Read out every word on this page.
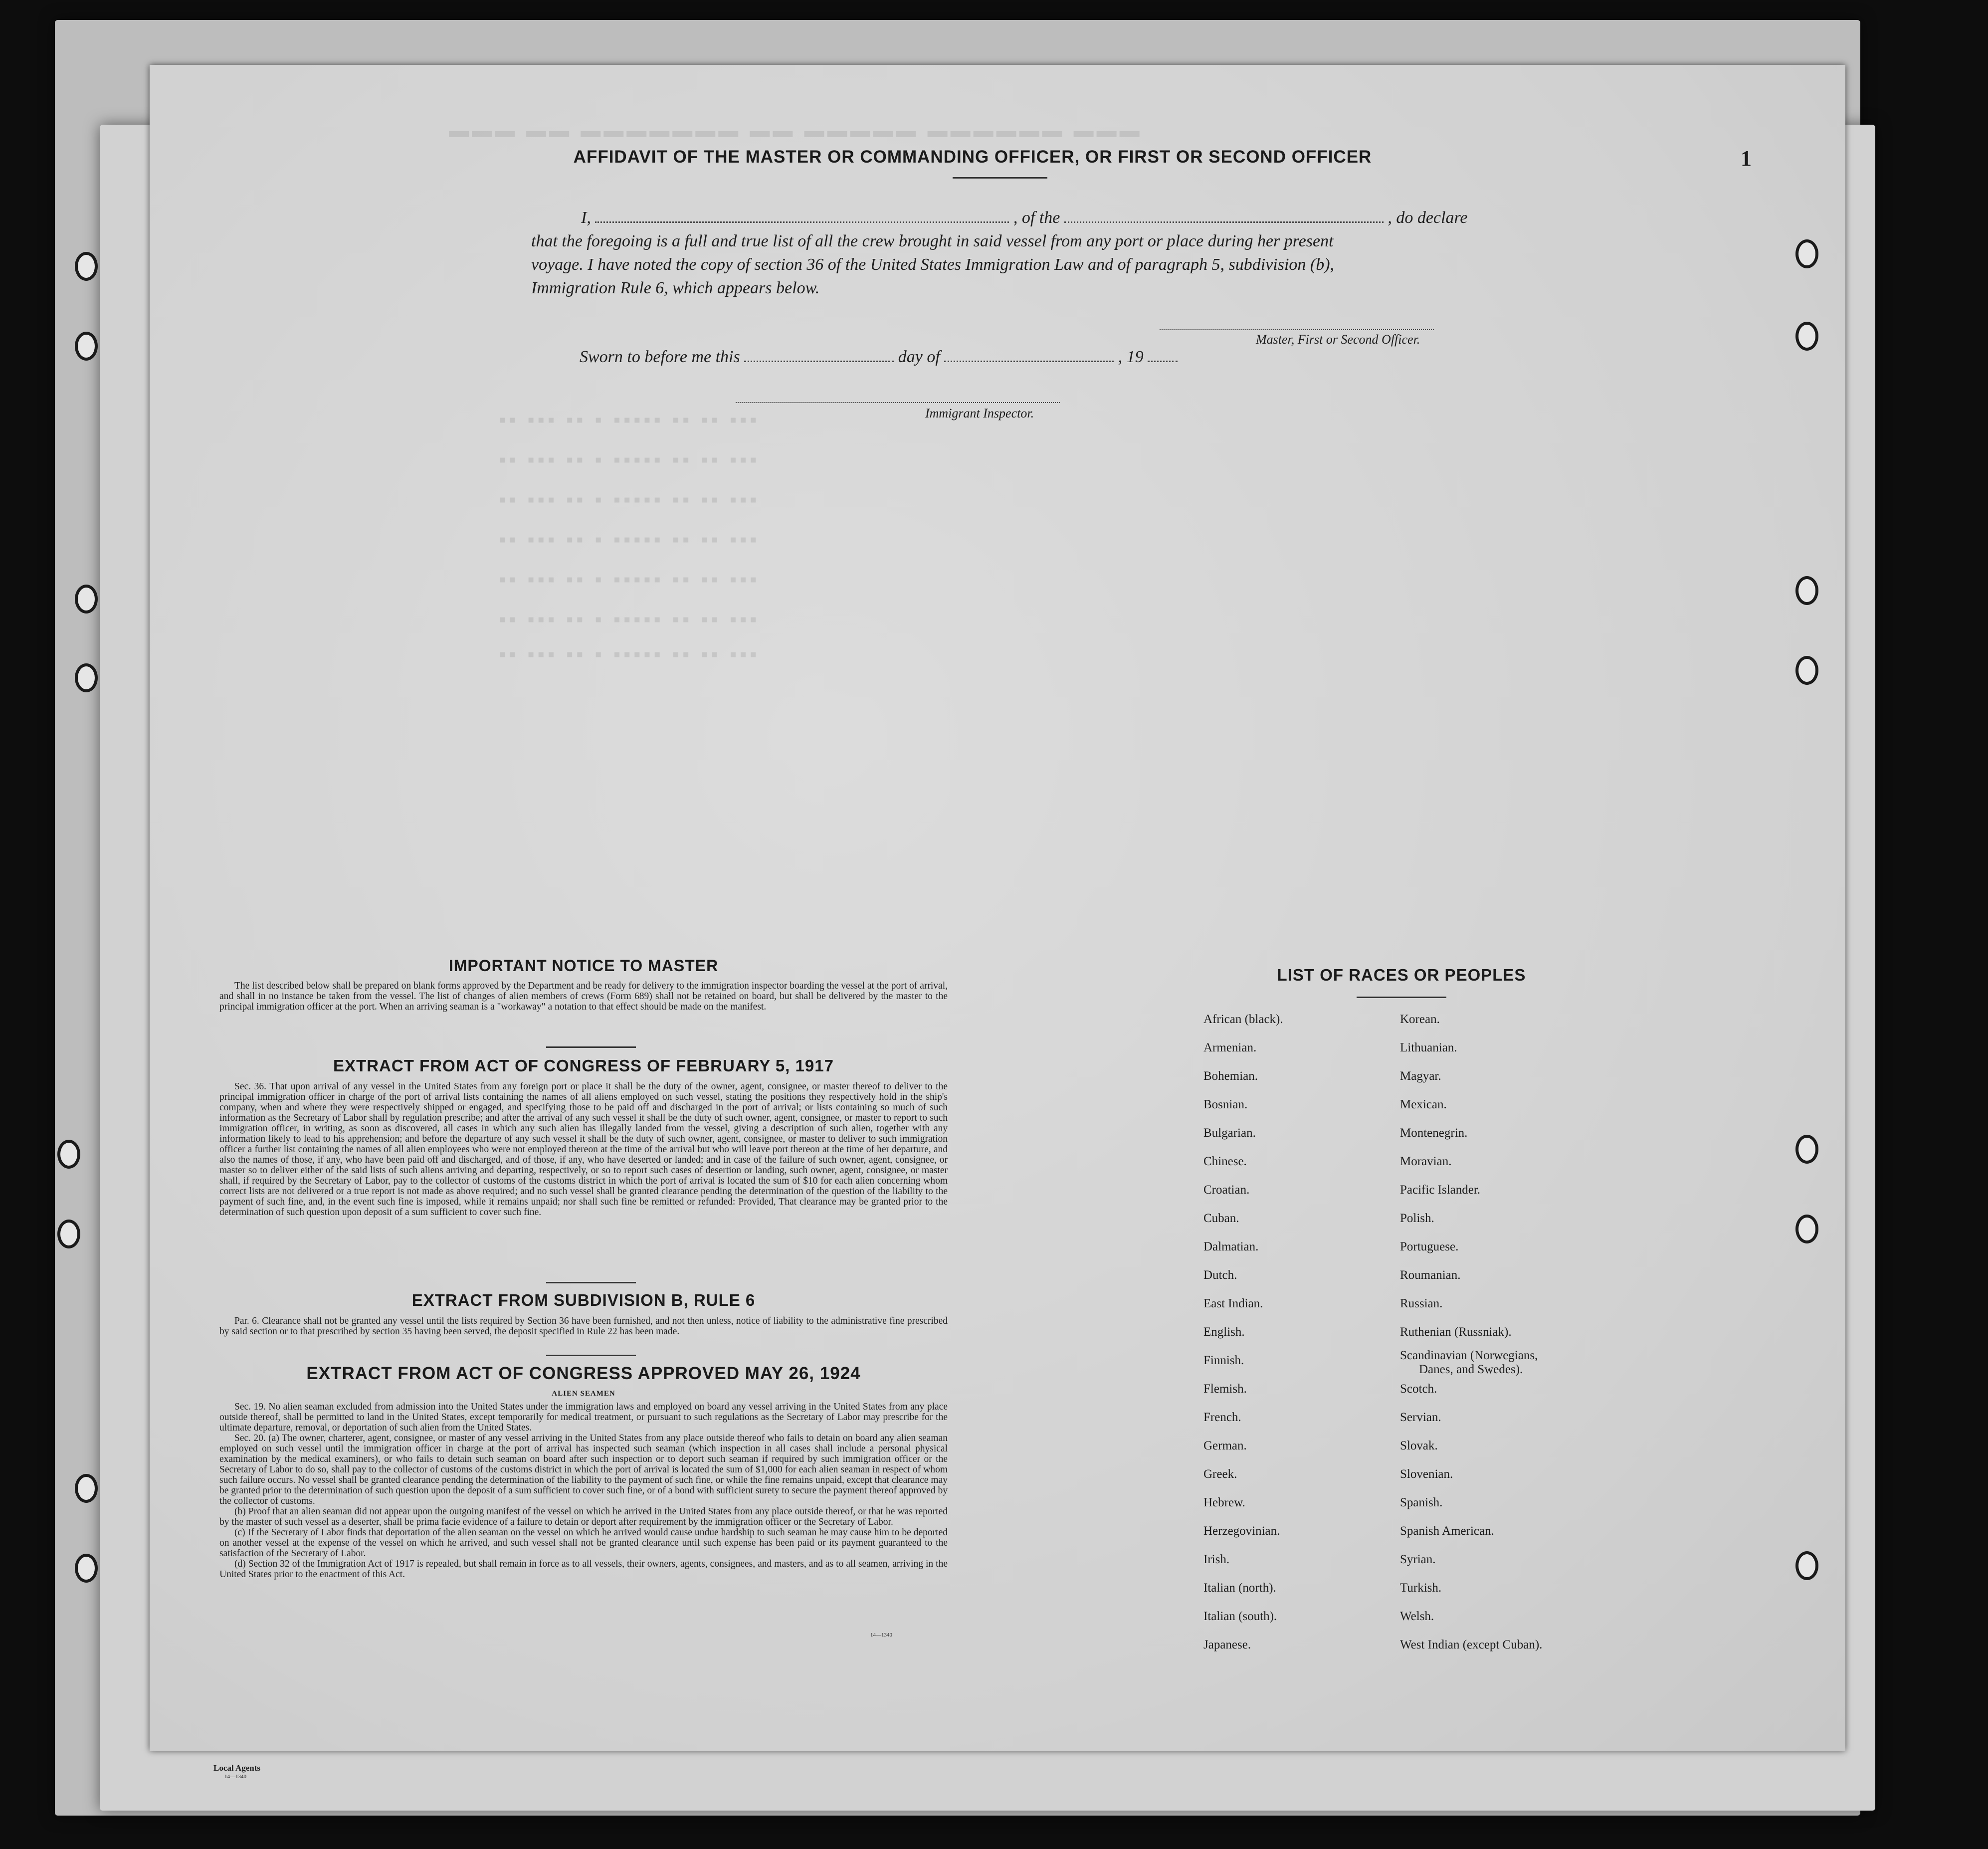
Local Agents
14—1340
▬▬▬ ▬▬ ▬▬▬▬▬▬▬ ▬▬ ▬▬▬▬▬ ▬▬▬▬▬▬ ▬▬▬
▪▪ ▪▪▪ ▪▪ ▪ ▪▪▪▪▪ ▪▪ ▪▪ ▪▪▪
▪▪ ▪▪▪ ▪▪ ▪ ▪▪▪▪▪ ▪▪ ▪▪ ▪▪▪
▪▪ ▪▪▪ ▪▪ ▪ ▪▪▪▪▪ ▪▪ ▪▪ ▪▪▪
▪▪ ▪▪▪ ▪▪ ▪ ▪▪▪▪▪ ▪▪ ▪▪ ▪▪▪
▪▪ ▪▪▪ ▪▪ ▪ ▪▪▪▪▪ ▪▪ ▪▪ ▪▪▪
▪▪ ▪▪▪ ▪▪ ▪ ▪▪▪▪▪ ▪▪ ▪▪ ▪▪▪
▪▪ ▪▪▪ ▪▪ ▪ ▪▪▪▪▪ ▪▪ ▪▪ ▪▪▪
1
AFFIDAVIT OF THE MASTER OR COMMANDING OFFICER, OR FIRST OR SECOND OFFICER
I,	, of the	, do declare
that the foregoing is a full and true list of all the crew brought in said vessel from any port or place during her present
voyage. I have noted the copy of section 36 of the United States Immigration Law and of paragraph 5, subdivision (b),
Immigration Rule 6, which appears below.
Master, First or Second Officer.
Sworn to before me this	day of	, 19
Immigrant Inspector.
IMPORTANT NOTICE TO MASTER

The list described below shall be prepared on blank forms approved by the Department and be ready for delivery to the immigration inspector boarding the vessel at the port of arrival, and shall in no instance be taken from the vessel. The list of changes of alien members of crews (Form 689) shall not be retained on board, but shall be delivered by the master to the principal immigration officer at the port. When an arriving seaman is a "workaway" a notation to that effect should be made on the manifest.

EXTRACT FROM ACT OF CONGRESS OF FEBRUARY 5, 1917

Sec. 36. That upon arrival of any vessel in the United States from any foreign port or place it shall be the duty of the owner, agent, consignee, or master thereof to deliver to the principal immigration officer in charge of the port of arrival lists containing the names of all aliens employed on such vessel, stating the positions they respectively hold in the ship's company, when and where they were respectively shipped or engaged, and specifying those to be paid off and discharged in the port of arrival; or lists containing so much of such information as the Secretary of Labor shall by regulation prescribe; and after the arrival of any such vessel it shall be the duty of such owner, agent, consignee, or master to report to such immigration officer, in writing, as soon as discovered, all cases in which any such alien has illegally landed from the vessel, giving a description of such alien, together with any information likely to lead to his apprehension; and before the departure of any such vessel it shall be the duty of such owner, agent, consignee, or master to deliver to such immigration officer a further list containing the names of all alien employees who were not employed thereon at the time of the arrival but who will leave port thereon at the time of her departure, and also the names of those, if any, who have been paid off and discharged, and of those, if any, who have deserted or landed; and in case of the failure of such owner, agent, consignee, or master so to deliver either of the said lists of such aliens arriving and departing, respectively, or so to report such cases of desertion or landing, such owner, agent, consignee, or master shall, if required by the Secretary of Labor, pay to the collector of customs of the customs district in which the port of arrival is located the sum of $10 for each alien concerning whom correct lists are not delivered or a true report is not made as above required; and no such vessel shall be granted clearance pending the determination of the question of the liability to the payment of such fine, and, in the event such fine is imposed, while it remains unpaid; nor shall such fine be remitted or refunded: Provided, That clearance may be granted prior to the determination of such question upon deposit of a sum sufficient to cover such fine.

EXTRACT FROM SUBDIVISION B, RULE 6

Par. 6. Clearance shall not be granted any vessel until the lists required by Section 36 have been furnished, and not then unless, notice of liability to the administrative fine prescribed by said section or to that prescribed by section 35 having been served, the deposit specified in Rule 22 has been made.

EXTRACT FROM ACT OF CONGRESS APPROVED MAY 26, 1924
ALIEN SEAMEN

Sec. 19. No alien seaman excluded from admission into the United States under the immigration laws and employed on board any vessel arriving in the United States from any place outside thereof, shall be permitted to land in the United States, except temporarily for medical treatment, or pursuant to such regulations as the Secretary of Labor may prescribe for the ultimate departure, removal, or deportation of such alien from the United States.

Sec. 20. (a) The owner, charterer, agent, consignee, or master of any vessel arriving in the United States from any place outside thereof who fails to detain on board any alien seaman employed on such vessel until the immigration officer in charge at the port of arrival has inspected such seaman (which inspection in all cases shall include a personal physical examination by the medical examiners), or who fails to detain such seaman on board after such inspection or to deport such seaman if required by such immigration officer or the Secretary of Labor to do so, shall pay to the collector of customs of the customs district in which the port of arrival is located the sum of $1,000 for each alien seaman in respect of whom such failure occurs. No vessel shall be granted clearance pending the determination of the liability to the payment of such fine, or while the fine remains unpaid, except that clearance may be granted prior to the determination of such question upon the deposit of a sum sufficient to cover such fine, or of a bond with sufficient surety to secure the payment thereof approved by the collector of customs.

(b) Proof that an alien seaman did not appear upon the outgoing manifest of the vessel on which he arrived in the United States from any place outside thereof, or that he was reported by the master of such vessel as a deserter, shall be prima facie evidence of a failure to detain or deport after requirement by the immigration officer or the Secretary of Labor.

(c) If the Secretary of Labor finds that deportation of the alien seaman on the vessel on which he arrived would cause undue hardship to such seaman he may cause him to be deported on another vessel at the expense of the vessel on which he arrived, and such vessel shall not be granted clearance until such expense has been paid or its payment guaranteed to the satisfaction of the Secretary of Labor.

(d) Section 32 of the Immigration Act of 1917 is repealed, but shall remain in force as to all vessels, their owners, agents, consignees, and masters, and as to all seamen, arriving in the United States prior to the enactment of this Act.

14—1340
LIST OF RACES OR PEOPLES
African (black).
Armenian.
Bohemian.
Bosnian.
Bulgarian.
Chinese.
Croatian.
Cuban.
Dalmatian.
Dutch.
East Indian.
English.
Finnish.
Flemish.
French.
German.
Greek.
Hebrew.
Herzegovinian.
Irish.
Italian (north).
Italian (south).
Japanese.
Korean.
Lithuanian.
Magyar.
Mexican.
Montenegrin.
Moravian.
Pacific Islander.
Polish.
Portuguese.
Roumanian.
Russian.
Ruthenian (Russniak).
Scandinavian (Norwegians,
Danes, and Swedes).
Scotch.
Servian.
Slovak.
Slovenian.
Spanish.
Spanish American.
Syrian.
Turkish.
Welsh.
West Indian (except Cuban).
